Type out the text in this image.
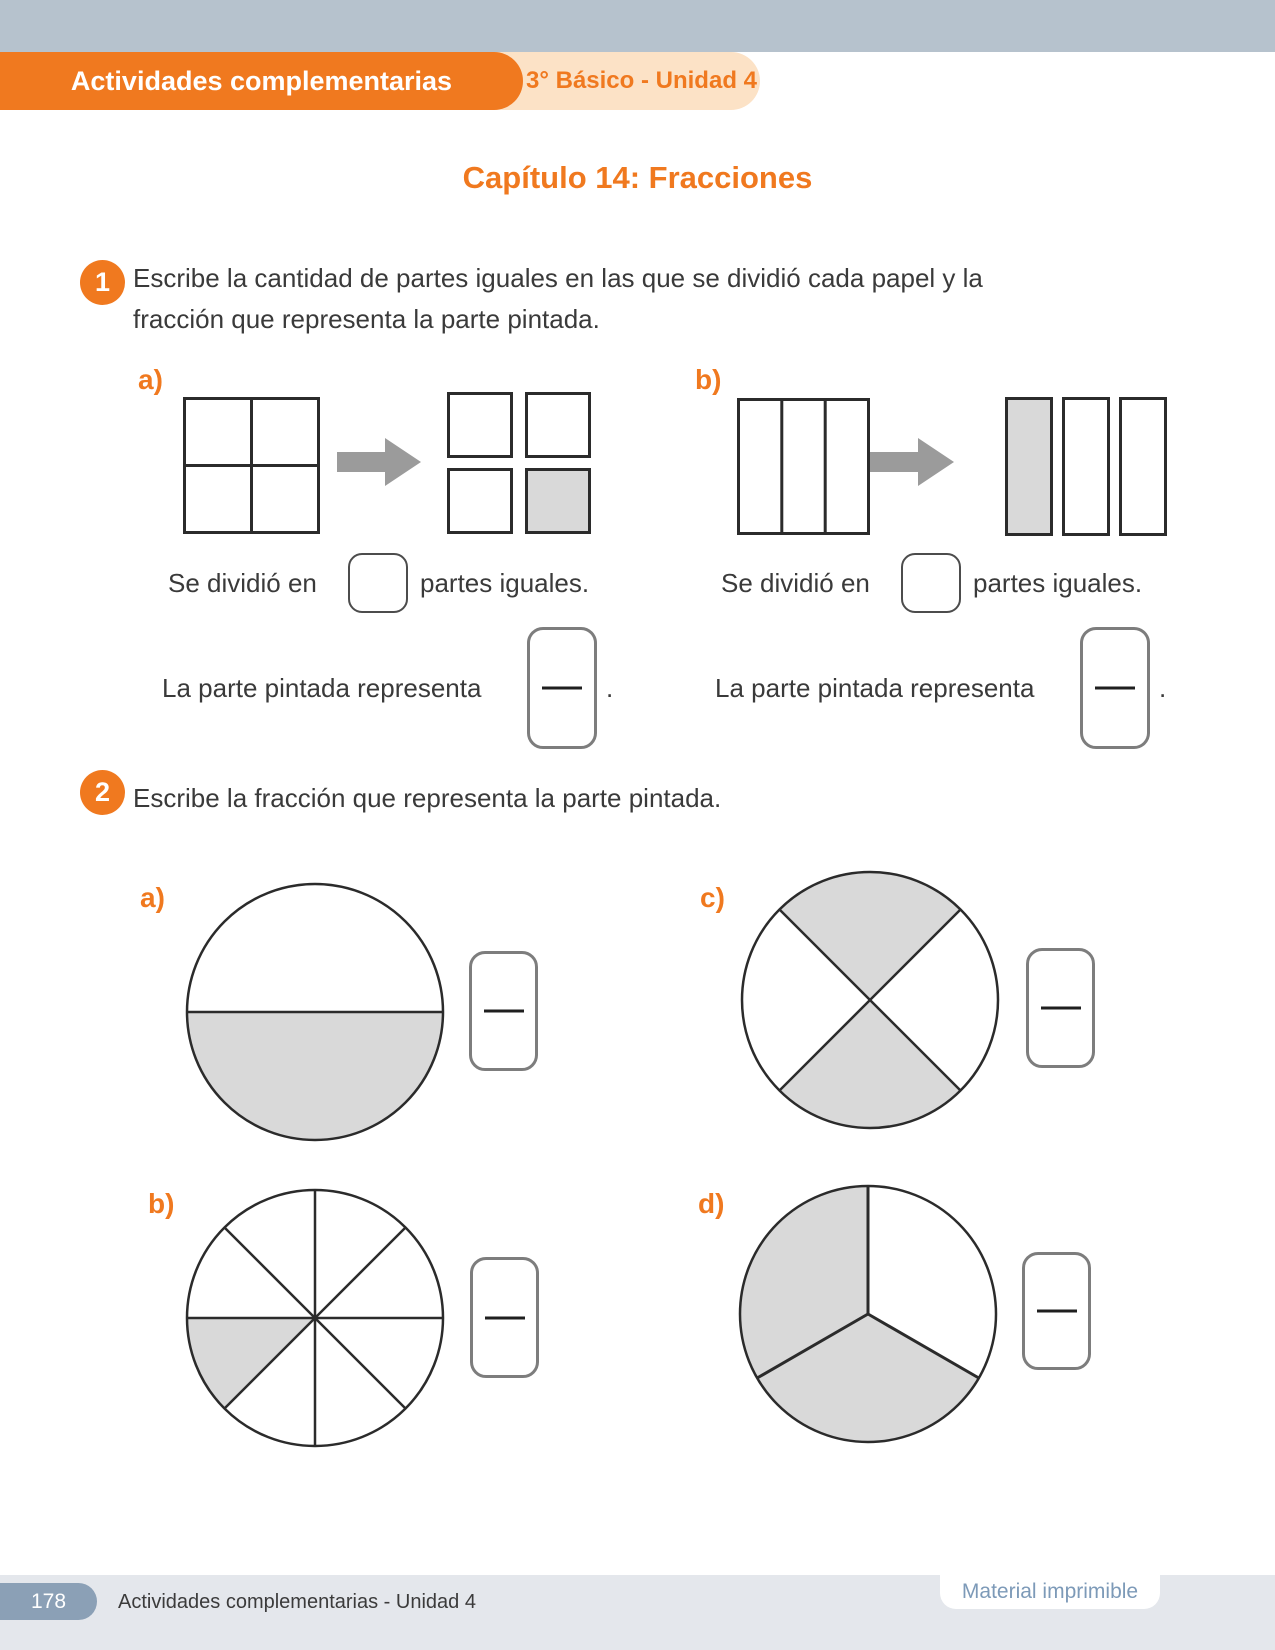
Actividades complementarias	3° Básico - Unidad 4
Capítulo 14: Fracciones
1 Escribe la cantidad de partes iguales en las que se dividió cada papel y la
fracción que representa la parte pintada.
a)
Se dividió en	partes iguales.
La parte pintada representa	.
b)
Se dividió en	partes iguales.
La parte pintada representa	.
2 Escribe la fracción que representa la parte pintada.
a)	c)
b)	d)
178	Actividades complementarias - Unidad 4	Material imprimible
